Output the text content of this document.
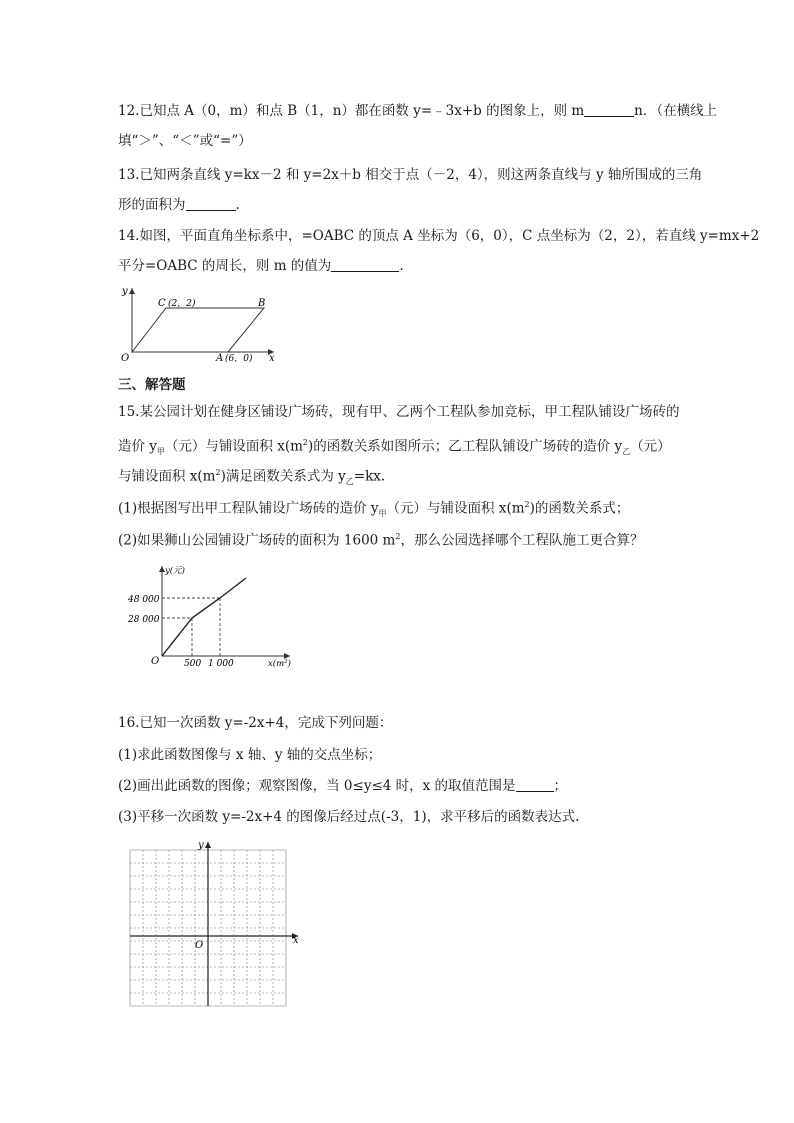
12.已知点 A（0，m）和点 B（1，n）都在函数 y=﹣3x+b 的图象上，则 m	n．（在横线上
填“＞”、“＜”或“=”）
13.已知两条直线 y=kx－2 和 y=2x＋b 相交于点（－2，4），则这两条直线与 y 轴所围成的三角
形的面积为	.
14.如图，平面直角坐标系中，=OABC 的顶点 A 坐标为（6，0），C 点坐标为（2，2），若直线 y=mx+2
平分=OABC 的周长，则 m 的值为	.
y
x
O
C (2，2)	B
A (6，0)
三、解答题
15.某公园计划在健身区铺设广场砖，现有甲、乙两个工程队参加竞标，甲工程队铺设广场砖的
造价 $y_甲$（元）与铺设面积 $x(m^2)$的函数关系如图所示；乙工程队铺设广场砖的造价 $y_乙$（元）
与铺设面积 $x(m^2)$满足函数关系式为 $y_乙=kx$.
(1)根据图写出甲工程队铺设广场砖的造价 $y_甲$（元）与铺设面积 $x(m^2)$的函数关系式；
(2)如果狮山公园铺设广场砖的面积为 1600 $m^2$，那么公园选择哪个工程队施工更合算？
y(元)
x(m²)
O
48 000
28 000
500 1 000
16.已知一次函数 y=-2x+4，完成下列问题：
(1)求此函数图像与 x 轴、y 轴的交点坐标；
(2)画出此函数的图像；观察图像，当 0≤y≤4 时，x 的取值范围是	；
(3)平移一次函数 y=-2x+4 的图像后经过点(-3，1)，求平移后的函数表达式.
y
x
O
